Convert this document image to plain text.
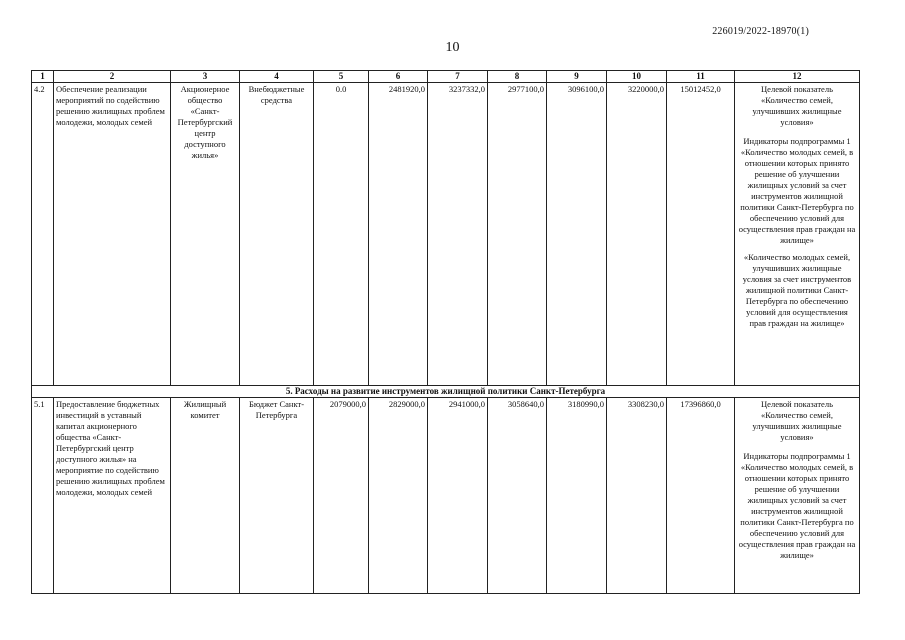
226019/2022-18970(1)
10
1	2	3	4	5	6	7	8	9	10	11	12
4.2	Обеспечение реализации мероприятий по содействию решению жилищных проблем молодежи, молодых семей	Акционерное общество «Санкт-Петербургский центр доступного жилья»	Внебюджетные средства	0.0	2481920,0	3237332,0	2977100,0	3096100,0	3220000,0	15012452,0	Целевой показатель «Количество семей, улучшивших жилищные условия»

Индикаторы подпрограммы 1 «Количество молодых семей, в отношении которых принято решение об улучшении жилищных условий за счет инструментов жилищной политики Санкт-Петербурга по обеспечению условий для осуществления прав граждан на жилище»

«Количество молодых семей, улучшивших жилищные условия за счет инструментов жилищной политики Санкт-Петербурга по обеспечению условий для осуществления прав граждан на жилище»

5. Расходы на развитие инструментов жилищной политики Санкт-Петербурга											
5.1	Предоставление бюджетных инвестиций в уставный капитал акционерного общества «Санкт-Петербургский центр доступного жилья» на мероприятие по содействию решению жилищных проблем молодежи, молодых семей	Жилищный комитет	Бюджет Санкт-Петербурга	2079000,0	2829000,0	2941000,0	3058640,0	3180990,0	3308230,0	17396860,0	Целевой показатель «Количество семей, улучшивших жилищные условия»

Индикаторы подпрограммы 1 «Количество молодых семей, в отношении которых принято решение об улучшении жилищных условий за счет инструментов жилищной политики Санкт-Петербурга по обеспечению условий для осуществления прав граждан на жилище»
